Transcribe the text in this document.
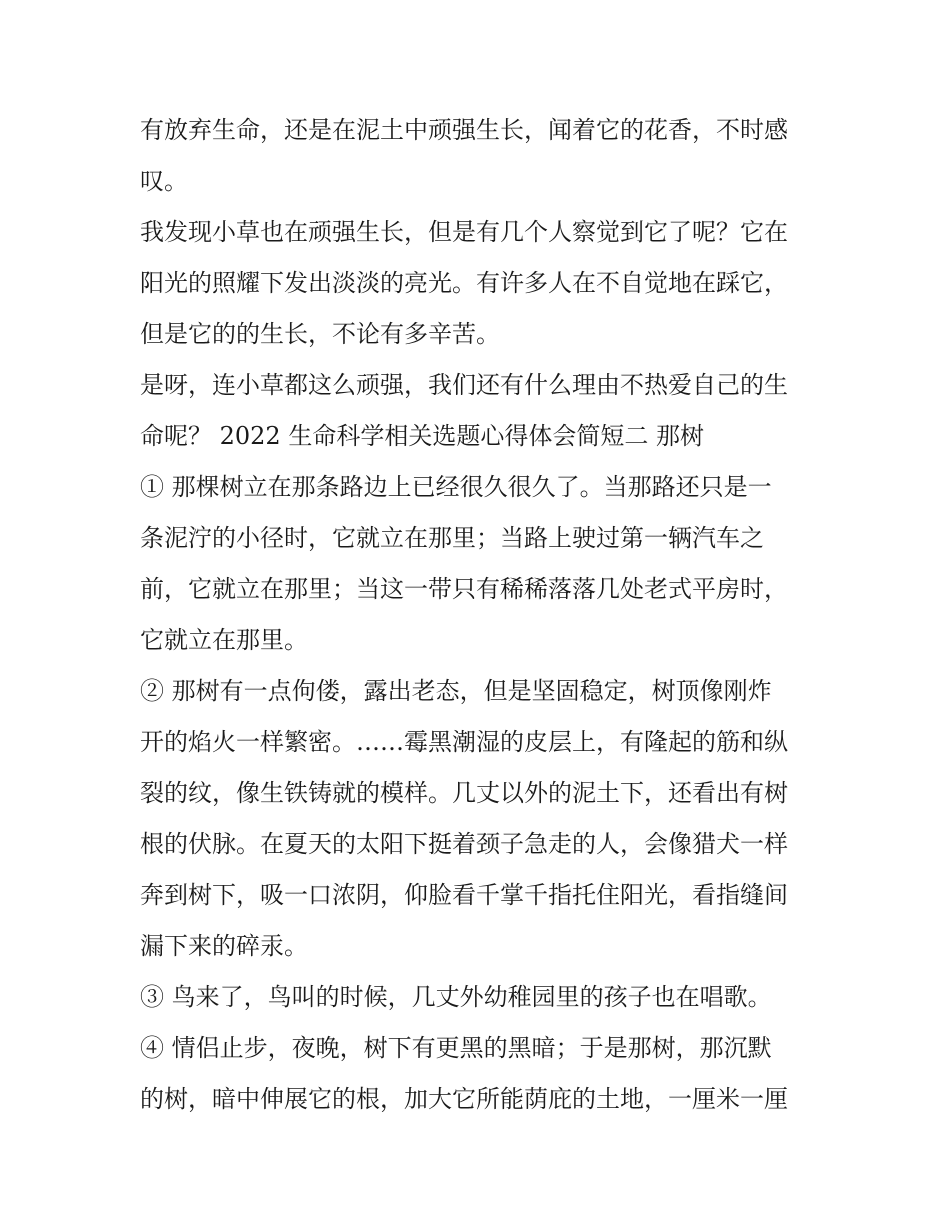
有放弃生命，还是在泥土中顽强生长，闻着它的花香，不时感
叹。
我发现小草也在顽强生长，但是有几个人察觉到它了呢？它在
阳光的照耀下发出淡淡的亮光。有许多人在不自觉地在踩它，
但是它的的生长，不论有多辛苦。
是呀，连小草都这么顽强，我们还有什么理由不热爱自己的生
命呢？ 2022 生命科学相关选题心得体会简短二 那树
① 那棵树立在那条路边上已经很久很久了。当那路还只是一
条泥泞的小径时，它就立在那里；当路上驶过第一辆汽车之
前，它就立在那里；当这一带只有稀稀落落几处老式平房时，
它就立在那里。
② 那树有一点佝偻，露出老态，但是坚固稳定，树顶像刚炸
开的焰火一样繁密。……霉黑潮湿的皮层上，有隆起的筋和纵
裂的纹，像生铁铸就的模样。几丈以外的泥土下，还看出有树
根的伏脉。在夏天的太阳下挺着颈子急走的人，会像猎犬一样
奔到树下，吸一口浓阴，仰脸看千掌千指托住阳光，看指缝间
漏下来的碎汞。
③ 鸟来了，鸟叫的时候，几丈外幼稚园里的孩子也在唱歌。
④ 情侣止步，夜晚，树下有更黑的黑暗；于是那树，那沉默
的树，暗中伸展它的根，加大它所能荫庇的土地，一厘米一厘
